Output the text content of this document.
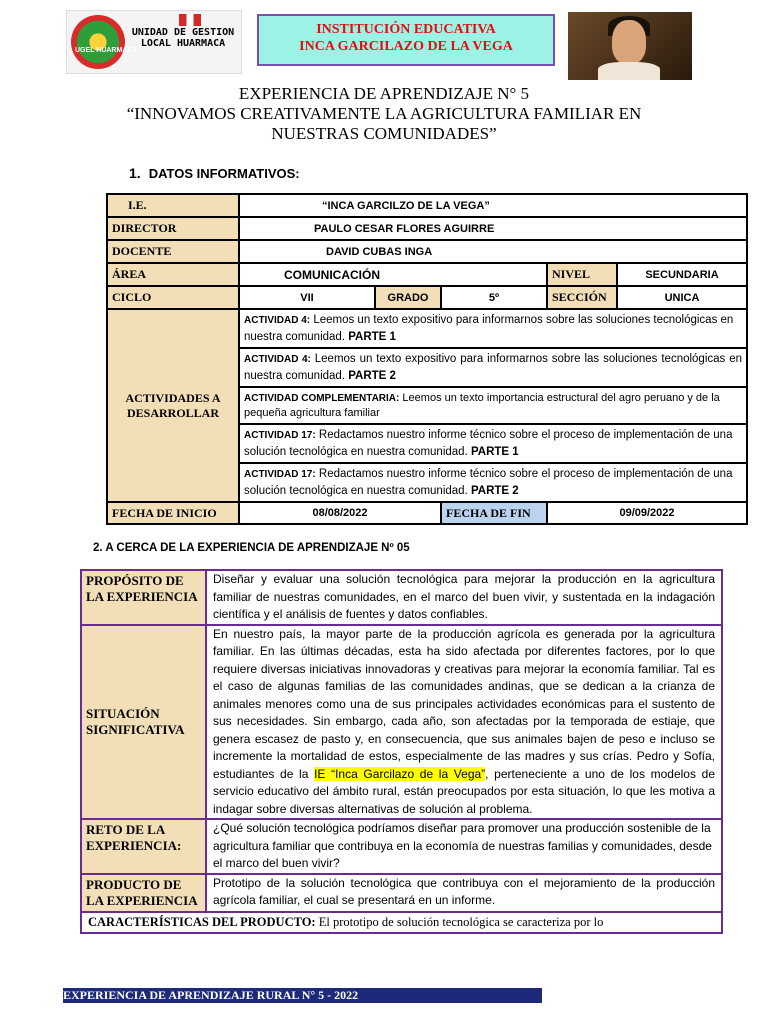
UGEL HUARMACA
UNIDAD DE GESTION LOCAL HUARMACA
INSTITUCIÓN EDUCATIVA
INCA GARCILAZO DE LA VEGA
EXPERIENCIA DE APRENDIZAJE N° 5
“INNOVAMOS CREATIVAMENTE LA AGRICULTURA FAMILIAR EN
NUESTRAS COMUNIDADES”
1. DATOS INFORMATIVOS:
I.E.	“INCA GARCILZO DE LA VEGA”				
DIRECTOR	PAULO CESAR FLORES AGUIRRE				
DOCENTE	DAVID CUBAS INGA				
ÁREA	COMUNICACIÓN			NIVEL	SECUNDARIA
CICLO	VII	GRADO	5º	SECCIÓN	UNICA
ACTIVIDADES A DESARROLLAR	ACTIVIDAD 4: Leemos un texto expositivo para informarnos sobre las soluciones tecnológicas en nuestra comunidad. PARTE 1				
	ACTIVIDAD 4: Leemos un texto expositivo para informarnos sobre las soluciones tecnológicas en nuestra comunidad. PARTE 2				
	ACTIVIDAD COMPLEMENTARIA: Leemos un texto importancia estructural del agro peruano y de la pequeña agricultura familiar				
	ACTIVIDAD 17: Redactamos nuestro informe técnico sobre el proceso de implementación de una solución tecnológica en nuestra comunidad. PARTE 1				
	ACTIVIDAD 17: Redactamos nuestro informe técnico sobre el proceso de implementación de una solución tecnológica en nuestra comunidad. PARTE 2				
FECHA DE INICIO	08/08/2022		FECHA DE FIN	09/09/2022	
2. A CERCA DE LA EXPERIENCIA DE APRENDIZAJE Nº 05
PROPÓSITO DE LA EXPERIENCIA	Diseñar y evaluar una solución tecnológica para mejorar la producción en la agricultura familiar de nuestras comunidades, en el marco del buen vivir, y sustentada en la indagación científica y el análisis de fuentes y datos confiables.
SITUACIÓN SIGNIFICATIVA	En nuestro país, la mayor parte de la producción agrícola es generada por la agricultura familiar. En las últimas décadas, esta ha sido afectada por diferentes factores, por lo que requiere diversas iniciativas innovadoras y creativas para mejorar la economía familiar. Tal es el caso de algunas familias de las comunidades andinas, que se dedican a la crianza de animales menores como una de sus principales actividades económicas para el sustento de sus necesidades. Sin embargo, cada año, son afectadas por la temporada de estiaje, que genera escasez de pasto y, en consecuencia, que sus animales bajen de peso e incluso se incremente la mortalidad de estos, especialmente de las madres y sus crías. Pedro y Sofía, estudiantes de la IE “Inca Garcilazo de la Vega”, perteneciente a uno de los modelos de servicio educativo del ámbito rural, están preocupados por esta situación, lo que les motiva a indagar sobre diversas alternativas de solución al problema.
RETO DE LA EXPERIENCIA:	¿Qué solución tecnológica podríamos diseñar para promover una producción sostenible de la agricultura familiar que contribuya en la economía de nuestras familias y comunidades, desde el marco del buen vivir?
PRODUCTO DE LA EXPERIENCIA	Prototipo de la solución tecnológica que contribuya con el mejoramiento de la producción agrícola familiar, el cual se presentará en un informe.
CARACTERÍSTICAS DEL PRODUCTO: El prototipo de solución tecnológica se caracteriza por lo	
EXPERIENCIA DE APRENDIZAJE RURAL N° 5 - 2022
